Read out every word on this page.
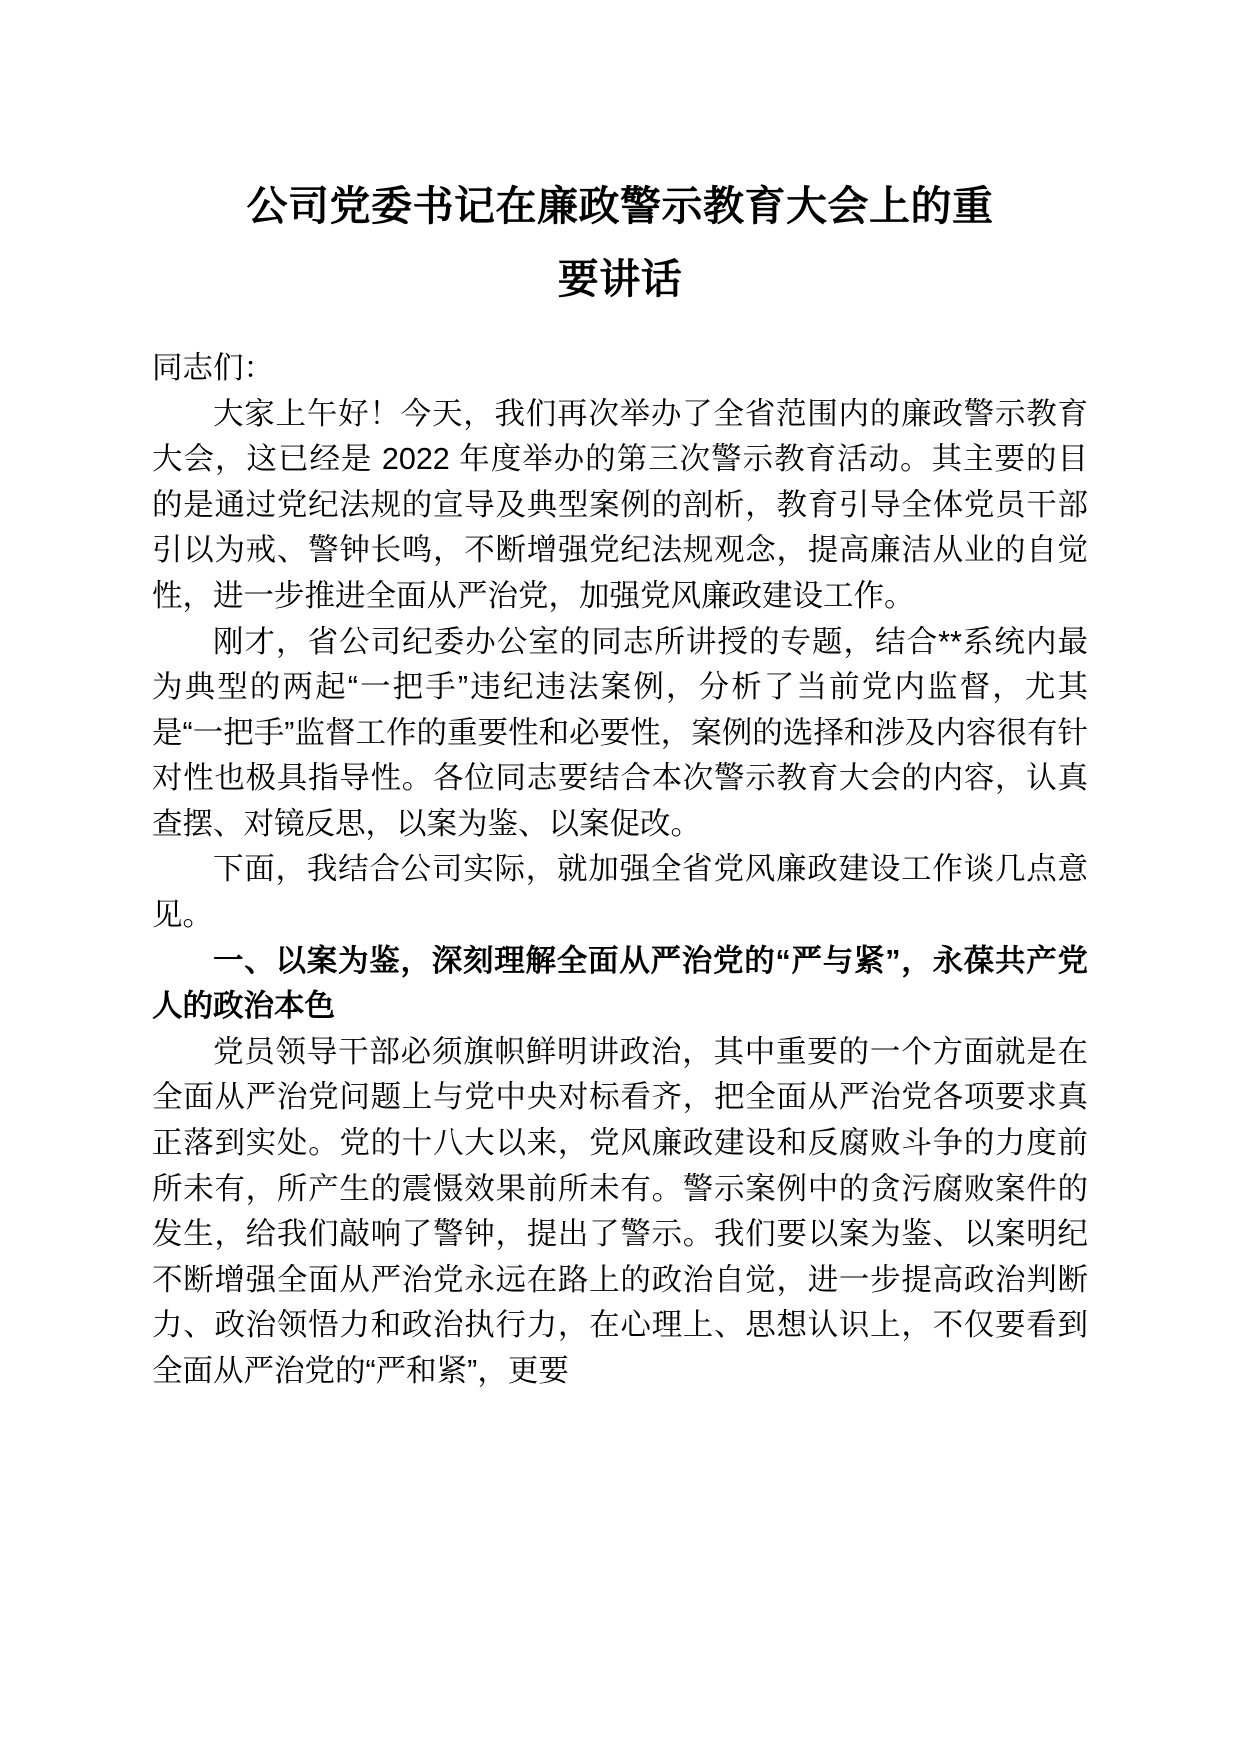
公司党委书记在廉政警示教育大会上的重
要讲话

同志们：

大家上午好！今天，我们再次举办了全省范围内的廉政警示教育大会，这已经是 2022 年度举办的第三次警示教育活动。其主要的目的是通过党纪法规的宣导及典型案例的剖析，教育引导全体党员干部引以为戒、警钟长鸣，不断增强党纪法规观念，提高廉洁从业的自觉性，进一步推进全面从严治党，加强党风廉政建设工作。

刚才，省公司纪委办公室的同志所讲授的专题，结合**系统内最为典型的两起“一把手”违纪违法案例，分析了当前党内监督，尤其是“一把手”监督工作的重要性和必要性，案例的选择和涉及内容很有针对性也极具指导性。各位同志要结合本次警示教育大会的内容，认真查摆、对镜反思，以案为鉴、以案促改。

下面，我结合公司实际，就加强全省党风廉政建设工作谈几点意见。

一、以案为鉴，深刻理解全面从严治党的“严与紧”，永葆共产党人的政治本色

党员领导干部必须旗帜鲜明讲政治，其中重要的一个方面就是在全面从严治党问题上与党中央对标看齐，把全面从严治党各项要求真正落到实处。党的十八大以来，党风廉政建设和反腐败斗争的力度前所未有，所产生的震慑效果前所未有。警示案例中的贪污腐败案件的发生，给我们敲响了警钟，提出了警示。我们要以案为鉴、以案明纪不断增强全面从严治党永远在路上的政治自觉，进一步提高政治判断力、政治领悟力和政治执行力，在心理上、思想认识上，不仅要看到全面从严治党的“严和紧”，更要
